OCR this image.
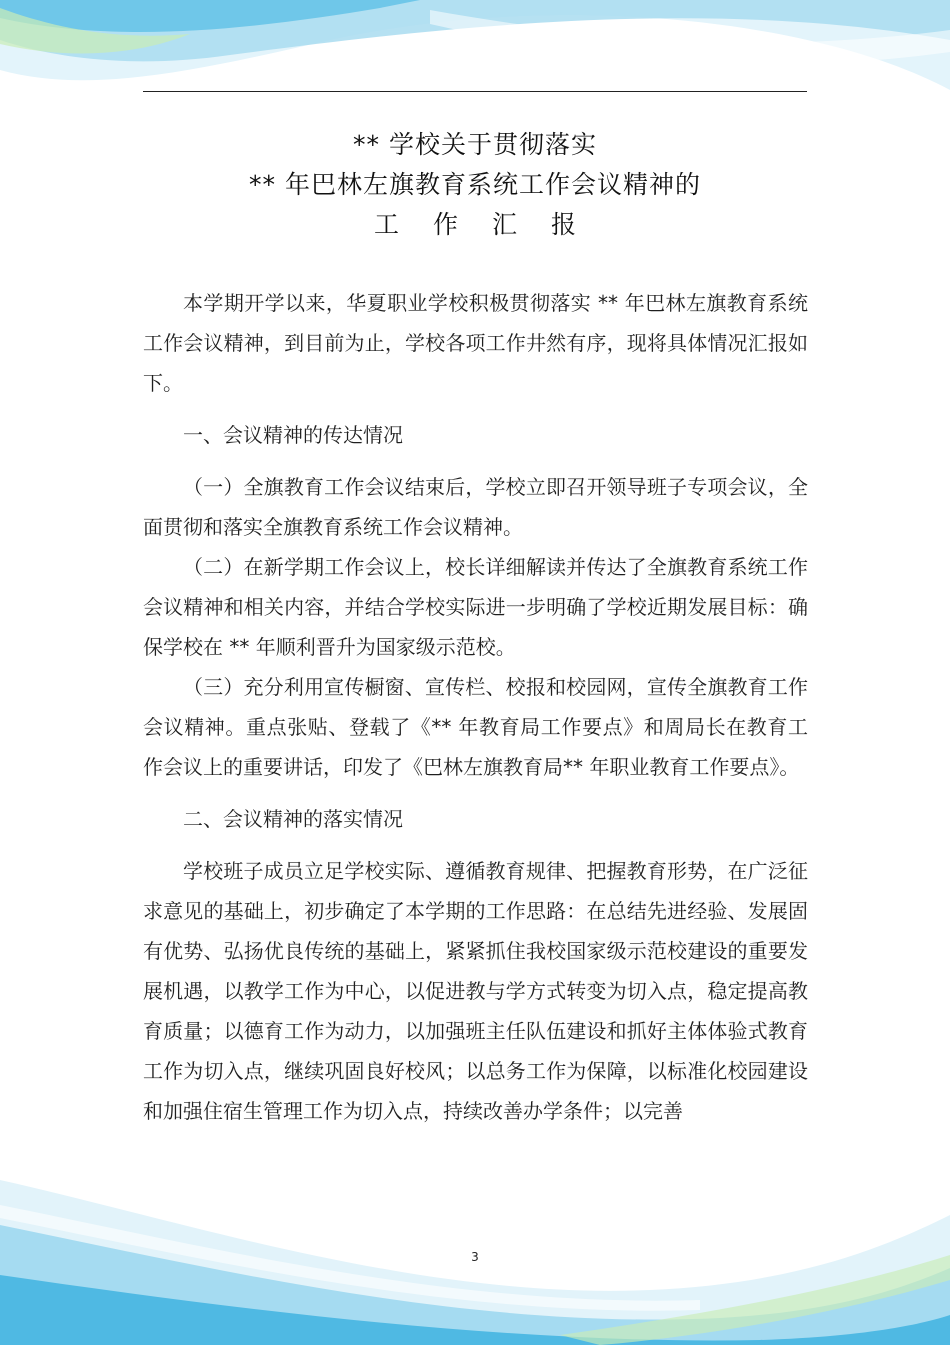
** 学校关于贯彻落实
** 年巴林左旗教育系统工作会议精神的
工作汇报

本学期开学以来，华夏职业学校积极贯彻落实 ** 年巴林左旗教育系统工作会议精神，到目前为止，学校各项工作井然有序，现将具体情况汇报如下。

一、会议精神的传达情况

（一）全旗教育工作会议结束后，学校立即召开领导班子专项会议，全面贯彻和落实全旗教育系统工作会议精神。

（二）在新学期工作会议上，校长详细解读并传达了全旗教育系统工作会议精神和相关内容，并结合学校实际进一步明确了学校近期发展目标：确保学校在 ** 年顺利晋升为国家级示范校。

（三）充分利用宣传橱窗、宣传栏、校报和校园网，宣传全旗教育工作会议精神。重点张贴、登载了《** 年教育局工作要点》和周局长在教育工作会议上的重要讲话，印发了《巴林左旗教育局** 年职业教育工作要点》。

二、会议精神的落实情况

学校班子成员立足学校实际、遵循教育规律、把握教育形势，在广泛征求意见的基础上，初步确定了本学期的工作思路：在总结先进经验、发展固有优势、弘扬优良传统的基础上，紧紧抓住我校国家级示范校建设的重要发展机遇，以教学工作为中心，以促进教与学方式转变为切入点，稳定提高教育质量；以德育工作为动力，以加强班主任队伍建设和抓好主体体验式教育工作为切入点，继续巩固良好校风；以总务工作为保障，以标准化校园建设和加强住宿生管理工作为切入点，持续改善办学条件；以完善

3
